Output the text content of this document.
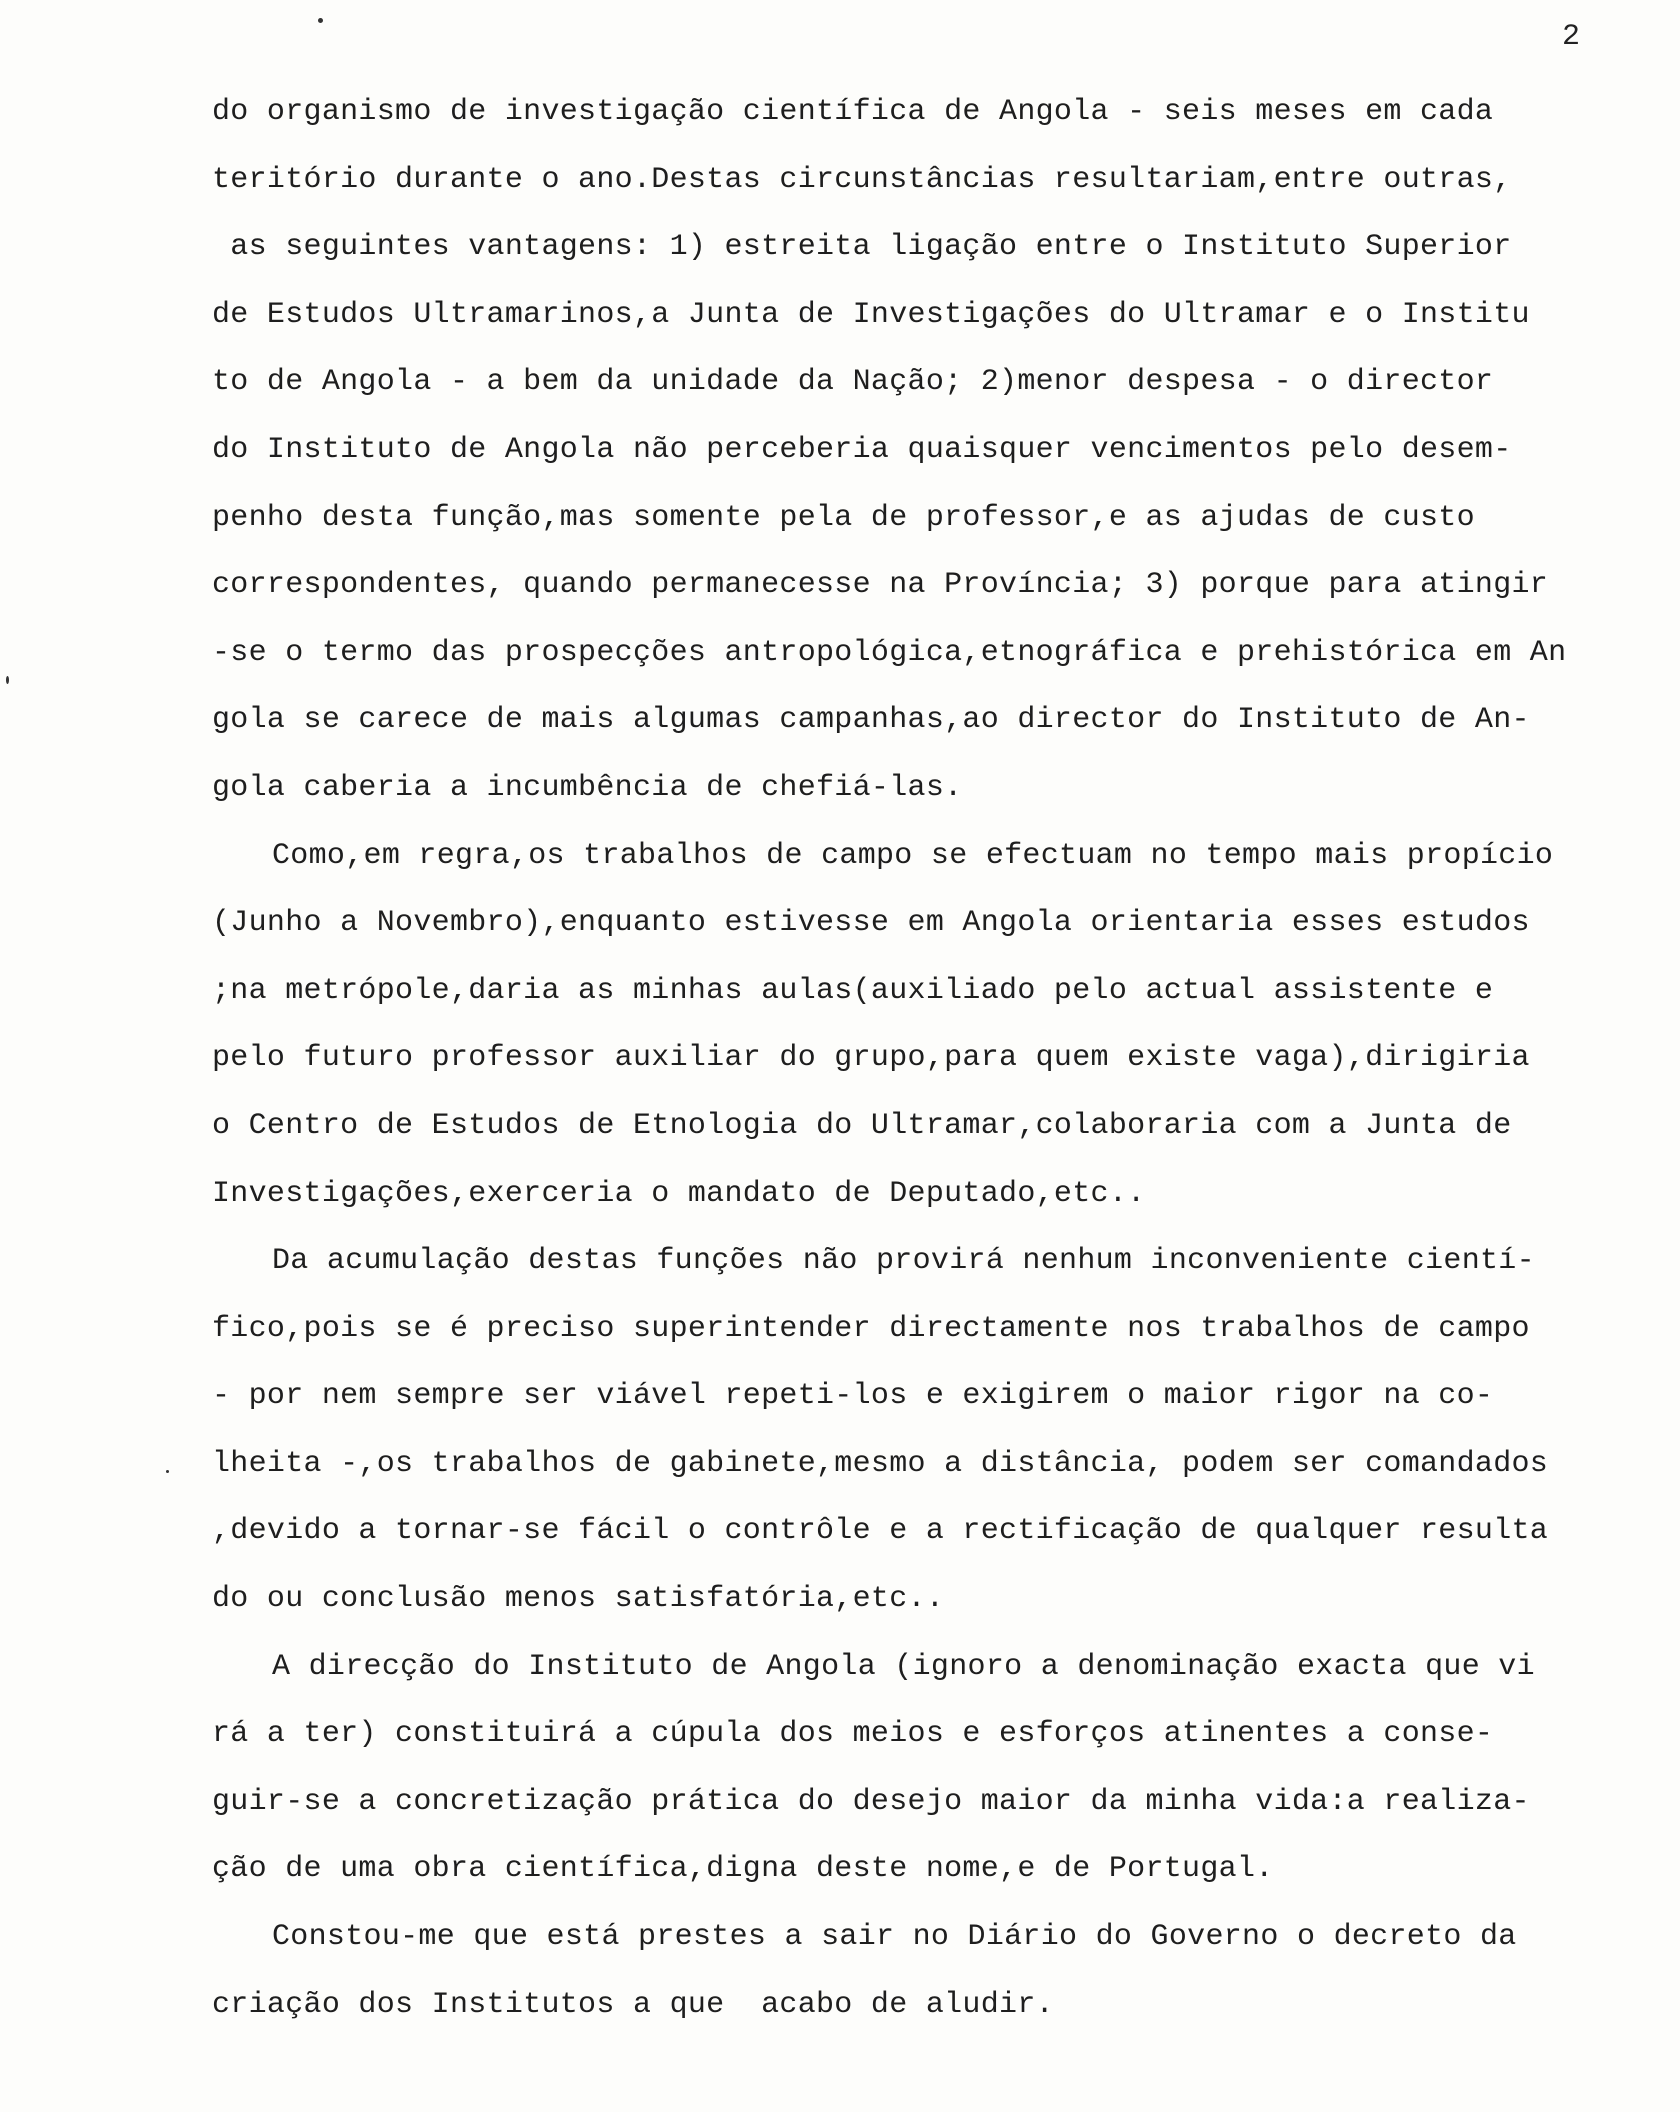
2
do organismo de investigação científica de Angola - seis meses em cada
teritório durante o ano.Destas circunstâncias resultariam,entre outras,
as seguintes vantagens: 1) estreita ligação entre o Instituto Superior
de Estudos Ultramarinos,a Junta de Investigações do Ultramar e o Institu
to de Angola - a bem da unidade da Nação; 2)menor despesa - o director
do Instituto de Angola não perceberia quaisquer vencimentos pelo desem-
penho desta função,mas somente pela de professor,e as ajudas de custo
correspondentes, quando permanecesse na Província; 3) porque para atingir
-se o termo das prospecções antropológica,etnográfica e prehistórica em An
gola se carece de mais algumas campanhas,ao director do Instituto de An-
gola caberia a incumbência de chefiá-las.
Como,em regra,os trabalhos de campo se efectuam no tempo mais propício
(Junho a Novembro),enquanto estivesse em Angola orientaria esses estudos
;na metrópole,daria as minhas aulas(auxiliado pelo actual assistente e
pelo futuro professor auxiliar do grupo,para quem existe vaga),dirigiria
o Centro de Estudos de Etnologia do Ultramar,colaboraria com a Junta de
Investigações,exerceria o mandato de Deputado,etc..
Da acumulação destas funções não provirá nenhum inconveniente cientí-
fico,pois se é preciso superintender directamente nos trabalhos de campo
- por nem sempre ser viável repeti-los e exigirem o maior rigor na co-
lheita -,os trabalhos de gabinete,mesmo a distância, podem ser comandados
,devido a tornar-se fácil o contrôle e a rectificação de qualquer resulta
do ou conclusão menos satisfatória,etc..
A direcção do Instituto de Angola (ignoro a denominação exacta que vi
rá a ter) constituirá a cúpula dos meios e esforços atinentes a conse-
guir-se a concretização prática do desejo maior da minha vida:a realiza-
ção de uma obra científica,digna deste nome,e de Portugal.
Constou-me que está prestes a sair no Diário do Governo o decreto da
criação dos Institutos a que  acabo de aludir.
